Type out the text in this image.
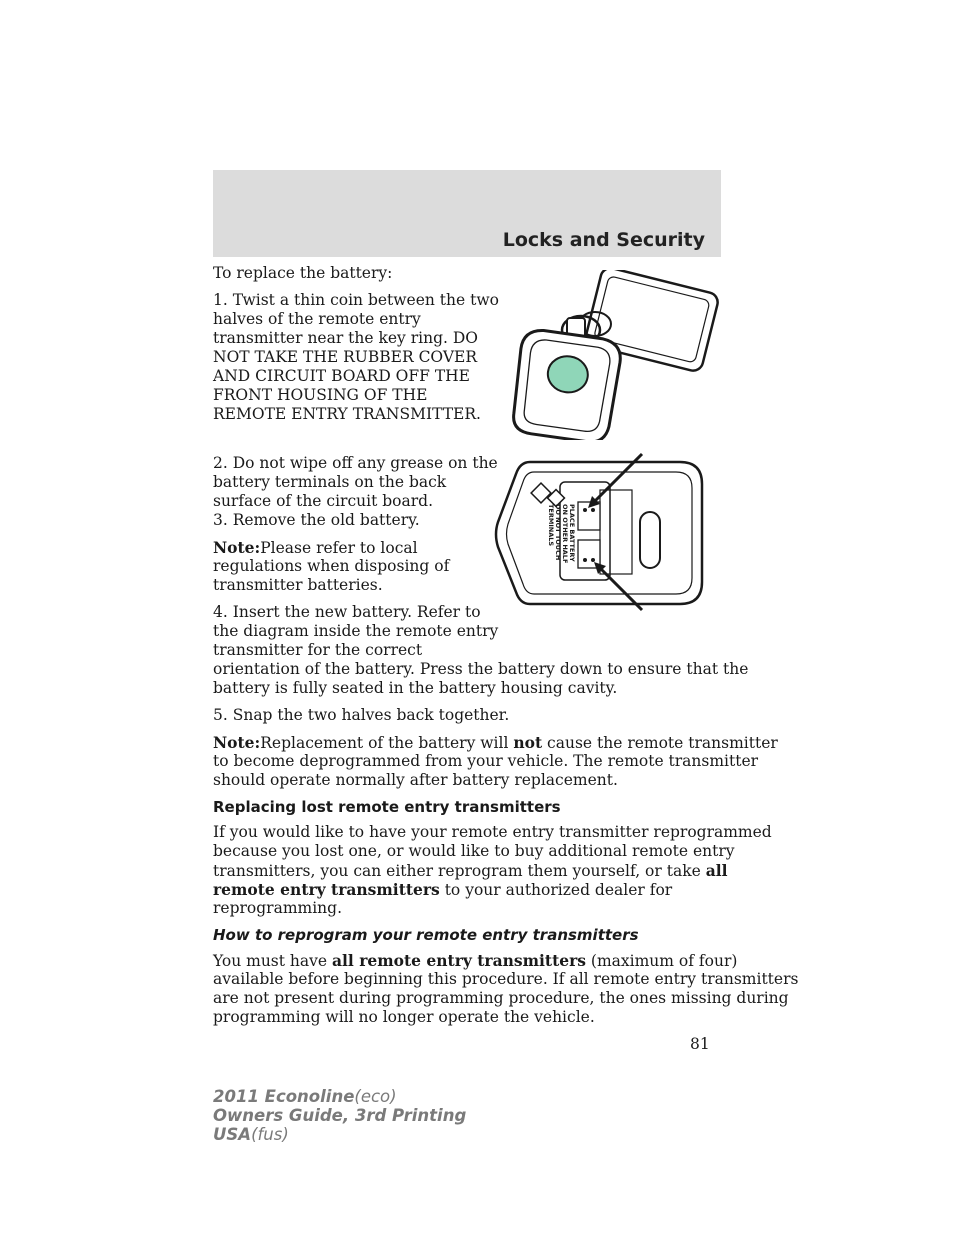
Locks and Security
To replace the battery:
1. Twist a thin coin between the two
halves of the remote entry
transmitter near the key ring. DO
NOT TAKE THE RUBBER COVER
AND CIRCUIT BOARD OFF THE
FRONT HOUSING OF THE
REMOTE ENTRY TRANSMITTER.
2. Do not wipe off any grease on the
battery terminals on the back
surface of the circuit board.
PLACE BATTERY
ON OTHER HALF
DO NOT TOUCH
TERMINALS
3. Remove the old battery.
Note:Please refer to local
regulations when disposing of
transmitter batteries.
4. Insert the new battery. Refer to
the diagram inside the remote entry
transmitter for the correct
orientation of the battery. Press the battery down to ensure that the
battery is fully seated in the battery housing cavity.
5. Snap the two halves back together.
Note:Replacement of the battery will not cause the remote transmitter
to become deprogrammed from your vehicle. The remote transmitter
should operate normally after battery replacement.
Replacing lost remote entry transmitters
If you would like to have your remote entry transmitter reprogrammed
because you lost one, or would like to buy additional remote entry
transmitters, you can either reprogram them yourself, or take all
remote entry transmitters to your authorized dealer for
reprogramming.
How to reprogram your remote entry transmitters
You must have all remote entry transmitters (maximum of four)
available before beginning this procedure. If all remote entry transmitters
are not present during programming procedure, the ones missing during
programming will no longer operate the vehicle.
81
2011 Econoline(eco)
Owners Guide, 3rd Printing
USA(fus)
